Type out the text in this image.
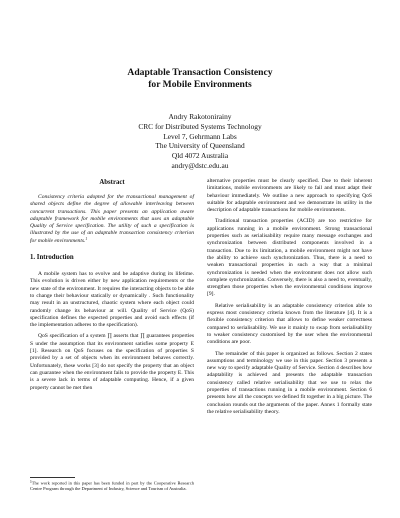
Adaptable Transaction Consistency
for Mobile Environments
Andry Rakotonirainy
CRC for Distributed Systems Technology
Level 7, Gehrmann Labs
The University of Queensland
Qld 4072 Australia
andry@dstc.edu.au
Abstract

Consistency criteria adopted for the transactional management of shared objects define the degree of allowable interleaving between concurrent transactions. This paper presents an application aware adaptable framework for mobile environments that uses an adaptable Quality of Service specification. The utility of such a specification is illustrated by the use of an adaptable transaction consistency criterion for mobile environments.$^1$

1. Introduction

A mobile system has to evolve and be adaptive during its lifetime. This evolution is driven either by new application requirements or the new state of the environment. It requires the interacting objects to be able to change their behaviour statically or dynamically . Such functionality may result in an unstructured, chaotic system where each object could randomly change its behaviour at will. Quality of Service (QoS) specification defines the expected properties and avoid such effects (if the implementation adheres to the specification).

QoS specification of a system ∏ asserts that ∏ guarantees properties S under the assumption that its environment satisfies some property E [1]. Research on QoS focuses on the specification of properties S provided by a set of objects when its environment behaves correctly. Unfortunately, these works [3] do not specify the property that an object can guarantee when the environment fails to provide the property E. This is a severe lack in terms of adaptable computing. Hence, if a given property cannot be met then

alternative properties must be clearly specified. Due to their inherent limitations, mobile environments are likely to fail and must adapt their behaviour immediately. We outline a new approach to specifying QoS suitable for adaptable environment and we demonstrate its utility in the description of adaptable transactions for mobile environments.

Traditional transaction properties (ACID) are too restrictive for applications running in a mobile environment. Strong transactional properties such as serialisability require many message exchanges and synchronization between distributed components involved in a transaction. Due to its limitation, a mobile environment might not have the ability to achieve such synchronization. Thus, there is a need to weaken transactional properties in such a way that a minimal synchronization is needed when the environment does not allow such complete synchronization. Conversely, there is also a need to, eventually, strengthen those properties when the environmental conditions improve [9].

Relative serialisability is an adaptable consistency criterion able to express most consistency criteria known from the literature [4]. It is a flexible consistency criterion that allows to define weaker correctness compared to serialisability. We use it mainly to swap from serialisability to weaker consistency customised by the user when the environmental conditions are poor.

The remainder of this paper is organized as follows. Section 2 states assumptions and terminology we use in this paper. Section 3 presents a new way to specify adaptable Quality of Service. Section 4 describes how adaptability is achieved and presents the adaptable transaction consistency called relative serialisability that we use to relax the properties of transactions running in a mobile environment. Section 6 presents how all the concepts we defined fit together in a big picture. The conclusion rounds out the arguments of the paper. Annex 1 formally state the relative serialisability theory.

$^1$The work reported in this paper has been funded in part by the Cooperative Research Centre Program through the Department of Industry, Science and Tourism of Australia.
